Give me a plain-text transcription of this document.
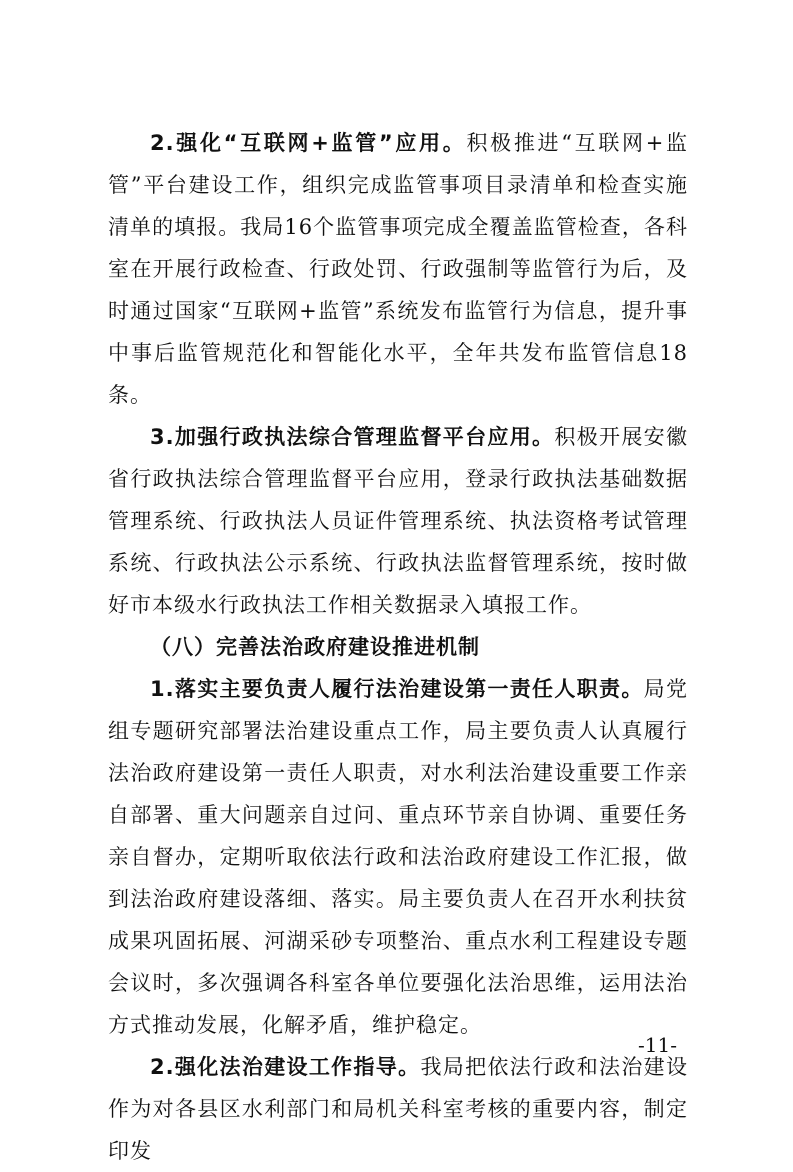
2.强化“互联网+监管”应用。积极推进“互联网+监管”平台建设工作，组织完成监管事项目录清单和检查实施清单的填报。我局16个监管事项完成全覆盖监管检查，各科室在开展行政检查、行政处罚、行政强制等监管行为后，及时通过国家“互联网+监管”系统发布监管行为信息，提升事中事后监管规范化和智能化水平，全年共发布监管信息18条。

3.加强行政执法综合管理监督平台应用。积极开展安徽省行政执法综合管理监督平台应用，登录行政执法基础数据管理系统、行政执法人员证件管理系统、执法资格考试管理系统、行政执法公示系统、行政执法监督管理系统，按时做好市本级水行政执法工作相关数据录入填报工作。

（八）完善法治政府建设推进机制

1.落实主要负责人履行法治建设第一责任人职责。局党组专题研究部署法治建设重点工作，局主要负责人认真履行法治政府建设第一责任人职责，对水利法治建设重要工作亲自部署、重大问题亲自过问、重点环节亲自协调、重要任务亲自督办，定期听取依法行政和法治政府建设工作汇报，做到法治政府建设落细、落实。局主要负责人在召开水利扶贫成果巩固拓展、河湖采砂专项整治、重点水利工程建设专题会议时，多次强调各科室各单位要强化法治思维，运用法治方式推动发展，化解矛盾，维护稳定。

2.强化法治建设工作指导。我局把依法行政和法治建设作为对各县区水利部门和局机关科室考核的重要内容，制定印发

-11-
